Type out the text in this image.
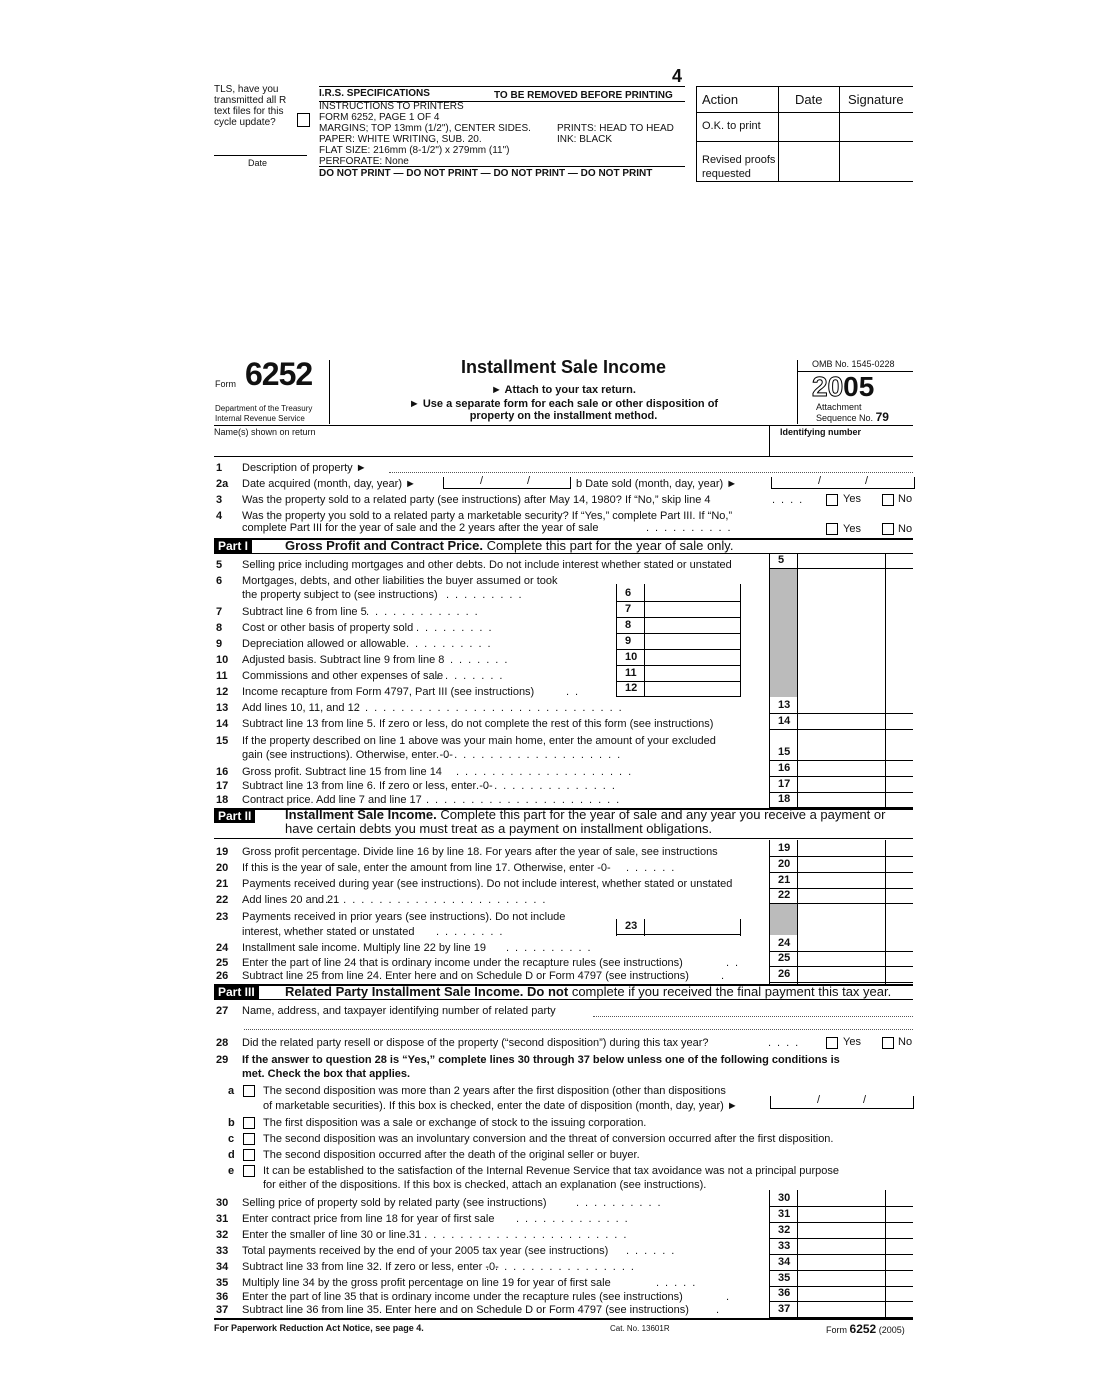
4
TLS, have you
transmitted all R
text files for this
cycle update?
Date
I.R.S. SPECIFICATIONS	TO BE REMOVED BEFORE PRINTING
INSTRUCTIONS TO PRINTERS
FORM 6252, PAGE 1 OF 4
MARGINS; TOP 13mm (1/2"), CENTER SIDES.
PAPER: WHITE WRITING, SUB. 20.
FLAT SIZE: 216mm (8-1/2") x 279mm (11")
PERFORATE: None
PRINTS: HEAD TO HEAD
INK: BLACK
DO NOT PRINT — DO NOT PRINT — DO NOT PRINT — DO NOT PRINT
Action	Date Signature
O.K. to print
Revised proofs
requested
Form 6252
Department of the Treasury
Internal Revenue Service
Installment Sale Income
► Attach to your tax return.
► Use a separate form for each sale or other disposition of
property on the installment method.
OMB No. 1545-0228
2005
Attachment
Sequence No. 79
Name(s) shown on return	Identifying number
1	Description of property ►
2a	Date acquired (month, day, year) ►	/	/	b Date sold (month, day, year) ►	/	/
3	Was the property sold to a related party (see instructions) after May 14, 1980? If “No,” skip line 4	....	Yes	No
4	Was the property you sold to a related party a marketable security? If “Yes,” complete Part III. If “No,”
complete Part III for the year of sale and the 2 years after the year of sale	..........	Yes	No
Part I	Gross Profit and Contract Price. Complete this part for the year of sale only.
5	Selling price including mortgages and other debts. Do not include interest whether stated or unstated
6	Mortgages, debts, and other liabilities the buyer assumed or took
the property subject to (see instructions) .........
7	Subtract line 6 from line 5 .............
8	Cost or other basis of property sold .........
9	Depreciation allowed or allowable ..........
10	Adjusted basis. Subtract line 9 from line 8 .......
11	Commissions and other expenses of sale
........
12	Income recapture from Form 4797, Part III (see instructions)	..
13	Add lines 10, 11, and 12
..............................
14	Subtract line 13 from line 5. If zero or less, do not complete the rest of this form (see instructions)
15	If the property described on line 1 above was your main home, enter the amount of your excluded
gain (see instructions). Otherwise, enter -0-
.....................
16	Gross profit. Subtract line 15 from line 14 ....................
17	Subtract line 13 from line 6. If zero or less, enter -0-
................
18	Contract price. Add line 7 and line 17 ......................
Part II	Installment Sale Income. Complete this part for the year of sale and any year you receive a payment or
have certain debts you must treat as a payment on installment obligations.
19	Gross profit percentage. Divide line 16 by line 18. For years after the year of sale, see instructions
20	If this is the year of sale, enter the amount from line 17. Otherwise, enter -0- ......
21	Payments received during year (see instructions). Do not include interest, whether stated or unstated
22	Add lines 20 and 21
..........................
23	Payments received in prior years (see instructions). Do not include
interest, whether stated or unstated ........
24	Installment sale income. Multiply line 22 by line 19 ..........
25	Enter the part of line 24 that is ordinary income under the recapture rules (see instructions)	..
26	Subtract line 25 from line 24. Enter here and on Schedule D or Form 4797 (see instructions)	.
Part III	Related Party Installment Sale Income. Do not complete if you received the final payment this tax year.
27	Name, address, and taxpayer identifying number of related party
28	Did the related party resell or dispose of the property (“second disposition”) during this tax year?	....	Yes	No
29	If the answer to question 28 is “Yes,” complete lines 30 through 37 below unless one of the following conditions is
met. Check the box that applies.
a	The second disposition was more than 2 years after the first disposition (other than dispositions
of marketable securities). If this box is checked, enter the date of disposition (month, day, year) ►
b	The first disposition was a sale or exchange of stock to the issuing corporation.
c	The second disposition was an involuntary conversion and the threat of conversion occurred after the first disposition.
d	The second disposition occurred after the death of the original seller or buyer.
e	It can be established to the satisfaction of the Internal Revenue Service that tax avoidance was not a principal purpose
for either of the dispositions. If this box is checked, attach an explanation (see instructions).
/	/
30	Selling price of property sold by related party (see instructions)	..........
31	Enter contract price from line 18 for year of first sale .............
32	Enter the smaller of line 30 or line 31
.........................
33	Total payments received by the end of your 2005 tax year (see instructions) ......
34	Subtract line 33 from line 32. If zero or less, enter -0-
.................
35	Multiply line 34 by the gross profit percentage on line 19 for year of first sale	.....
36	Enter the part of line 35 that is ordinary income under the recapture rules (see instructions)	.
37	Subtract line 36 from line 35. Enter here and on Schedule D or Form 4797 (see instructions) .
For Paperwork Reduction Act Notice, see page 4.	Cat. No. 13601R	Form 6252 (2005)
5
6
7
8
9
10
11
12
13
14
15
16
17
18
19
20
21
22
24
25
26
23
30
31
32
33
34
35
36
37
